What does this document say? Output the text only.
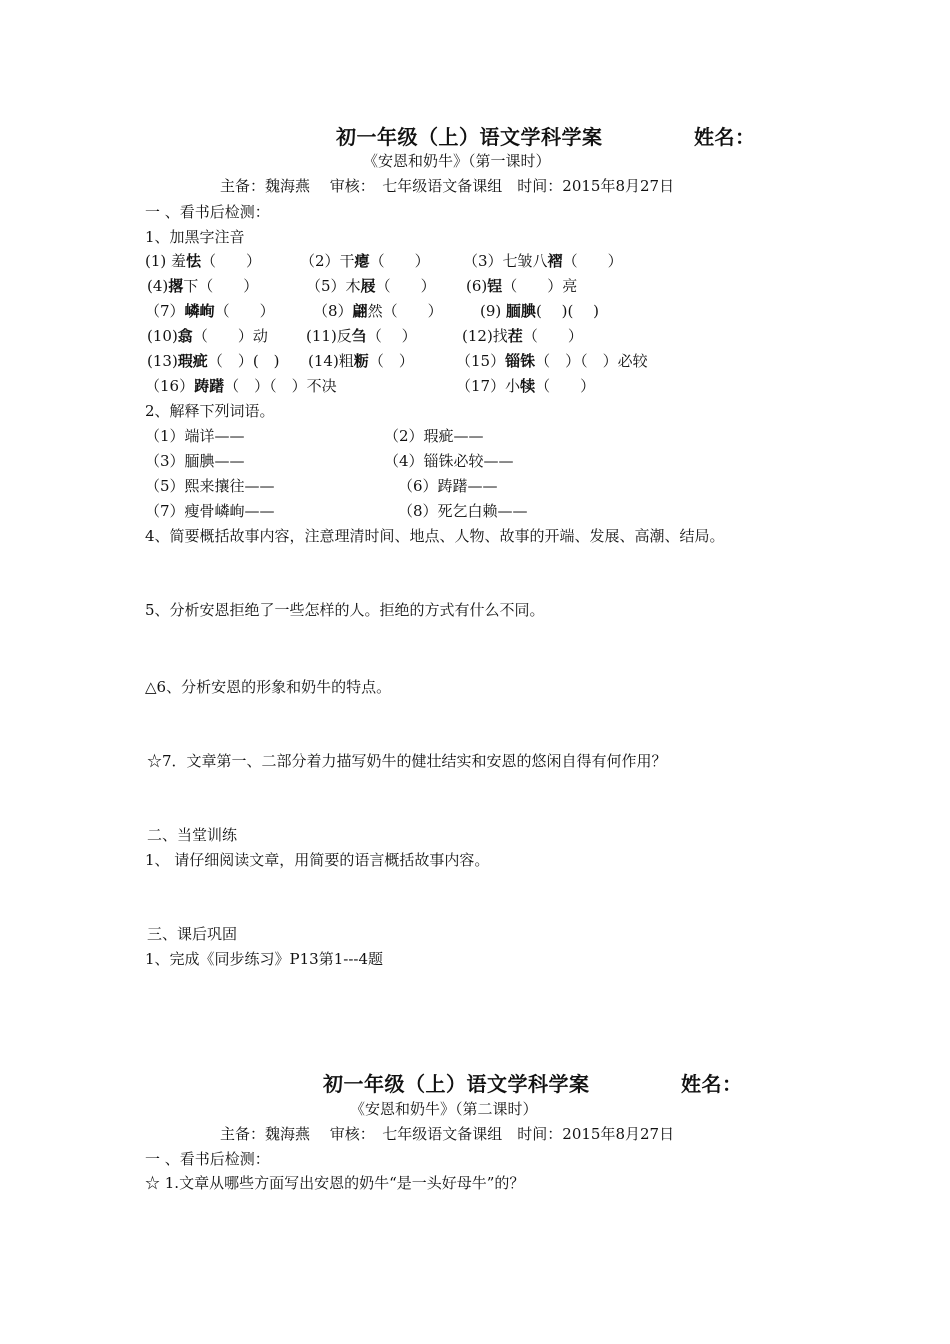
初一年级（上）语文学科学案	姓名：
《安恩和奶牛》（第一课时）
主备：魏海燕　 审核：　七年级语文备课组　时间：2015年8月27日
一 、看书后检测：
1、加黑字注音
(1) 羞怯（　　）	（2）干瘪（　　） （3）七皱八褶（　　）
(4)撂下（　　）	（5）木屐（　　） (6)锃（　　）亮
（7）嶙峋（　　）	（8）翩然（　　） (9) 腼腆(　 )(　 )
(10)翕（　　）动	(11)反刍（　 ）	(12)找茬（　　）
(13)瑕疵（　）(　) (14)粗粝（　）	（15）锱铢（　）（　）必较
（16）踌躇（　）（　）不决	（17）小犊（　　）
2、解释下列词语。
（1）端详——	（2）瑕疵——
（3）腼腆——	（4）锱铢必较——
（5）熙来攘往——	（6）踌躇——
（7）瘦骨嶙峋——	（8）死乞白赖——
4、简要概括故事内容，注意理清时间、地点、人物、故事的开端、发展、高潮、结局。
5、分析安恩拒绝了一些怎样的人。拒绝的方式有什么不同。
△6、分析安恩的形象和奶牛的特点。
☆7．文章第一、二部分着力描写奶牛的健壮结实和安恩的悠闲自得有何作用？
二、当堂训练
1、 请仔细阅读文章，用简要的语言概括故事内容。
三、课后巩固
1、完成《同步练习》P13第1---4题
初一年级（上）语文学科学案	姓名：
《安恩和奶牛》（第二课时）
主备：魏海燕　 审核：　七年级语文备课组　时间：2015年8月27日
一 、看书后检测：
☆ 1.文章从哪些方面写出安恩的奶牛“是一头好母牛”的？
